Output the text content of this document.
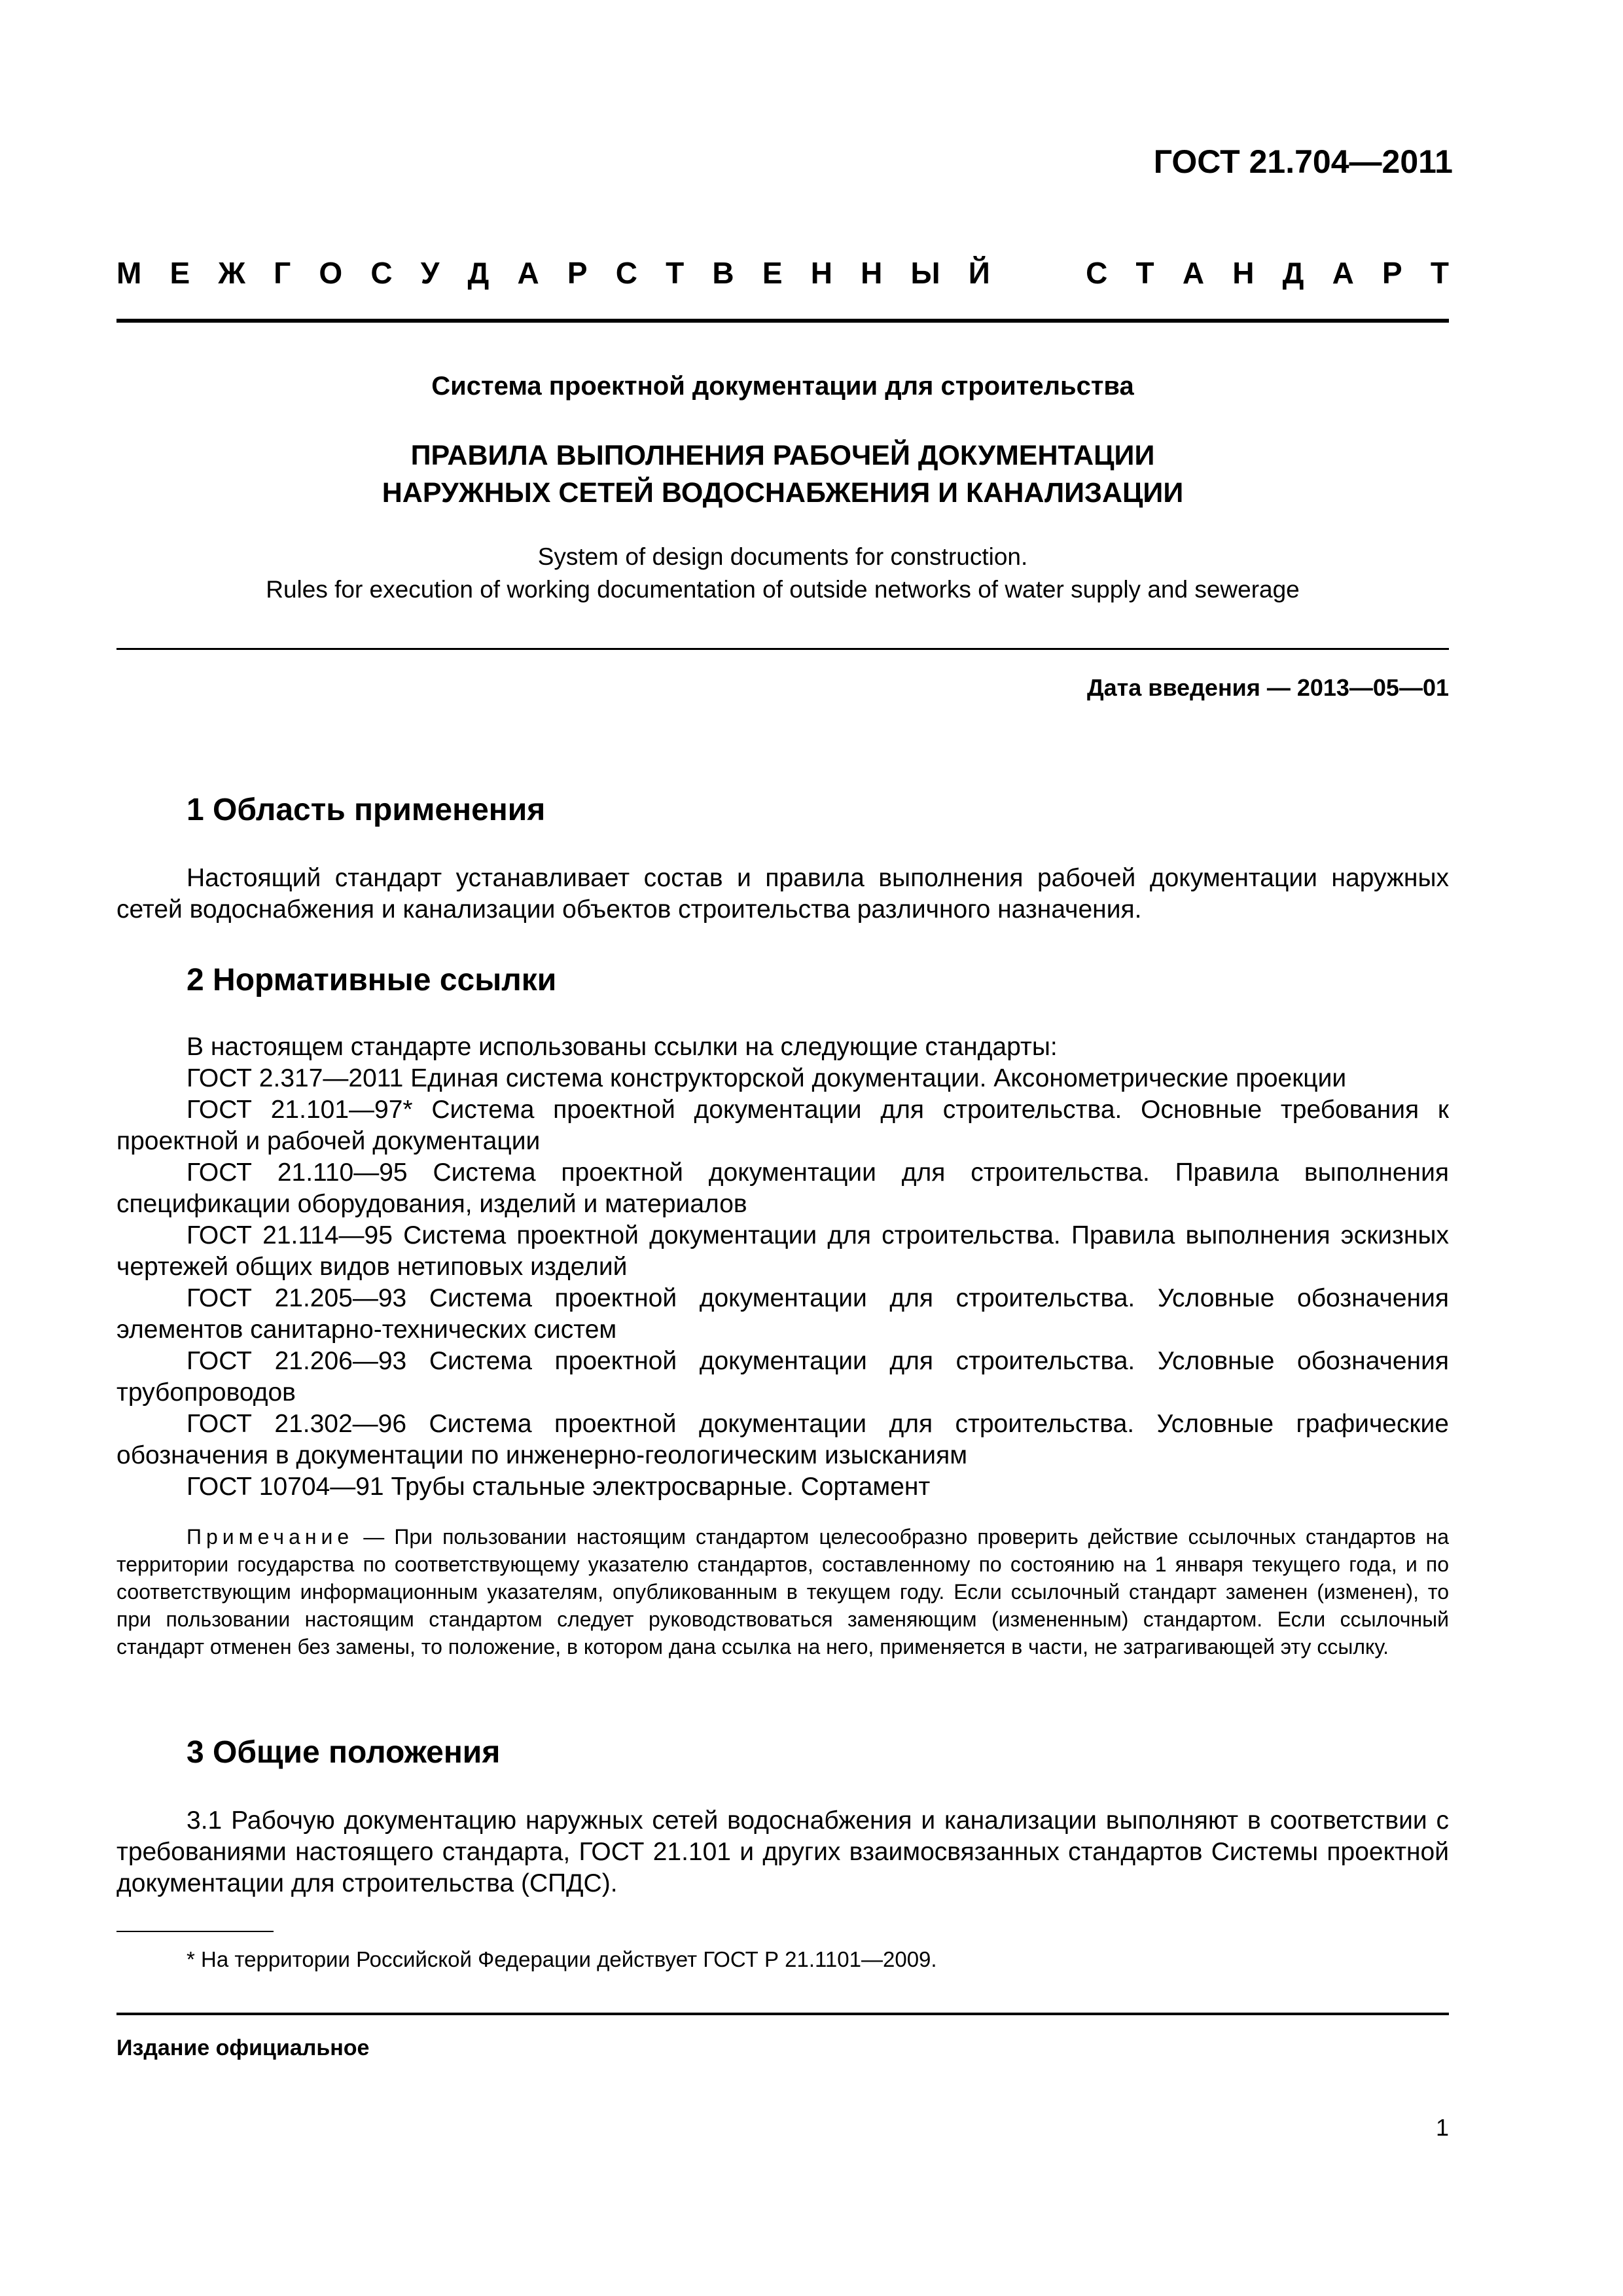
ГОСТ 21.704—2011
М Е Ж Г О С У Д А Р С Т В Е Н Н Ы Й	С Т А Н Д А Р Т
Система проектной документации для строительства
ПРАВИЛА ВЫПОЛНЕНИЯ РАБОЧЕЙ ДОКУМЕНТАЦИИ
НАРУЖНЫХ СЕТЕЙ ВОДОСНАБЖЕНИЯ И КАНАЛИЗАЦИИ
System of design documents for construction.
Rules for execution of working documentation of outside networks of water supply and sewerage
Дата введения — 2013—05—01
1 Область применения
Настоящий стандарт устанавливает состав и правила выполнения рабочей документации наружных сетей водоснабжения и канализации объектов строительства различного назначения.
2 Нормативные ссылки

В настоящем стандарте использованы ссылки на следующие стандарты:

ГОСТ 2.317—2011 Единая система конструкторской документации. Аксонометрические проекции

ГОСТ 21.101—97* Система проектной документации для строительства. Основные требования к проектной и рабочей документации

ГОСТ 21.110—95 Система проектной документации для строительства. Правила выполнения спецификации оборудования, изделий и материалов

ГОСТ 21.114—95 Система проектной документации для строительства. Правила выполнения эскизных чертежей общих видов нетиповых изделий

ГОСТ 21.205—93 Система проектной документации для строительства. Условные обозначения элементов санитарно-технических систем

ГОСТ 21.206—93 Система проектной документации для строительства. Условные обозначения трубопроводов

ГОСТ 21.302—96 Система проектной документации для строительства. Условные графические обозначения в документации по инженерно-геологическим изысканиям

ГОСТ 10704—91 Трубы стальные электросварные. Сортамент

Примечание — При пользовании настоящим стандартом целесообразно проверить действие ссылочных стандартов на территории государства по соответствующему указателю стандартов, составленному по состоянию на 1 января текущего года, и по соответствующим информационным указателям, опубликованным в текущем году. Если ссылочный стандарт заменен (изменен), то при пользовании настоящим стандартом следует руководствоваться заменяющим (измененным) стандартом. Если ссылочный стандарт отменен без замены, то положение, в котором дана ссылка на него, применяется в части, не затрагивающей эту ссылку.
3 Общие положения
3.1 Рабочую документацию наружных сетей водоснабжения и канализации выполняют в соответствии с требованиями настоящего стандарта, ГОСТ 21.101 и других взаимосвязанных стандартов Системы проектной документации для строительства (СПДС).
* На территории Российской Федерации действует ГОСТ Р 21.1101—2009.
Издание официальное
1
